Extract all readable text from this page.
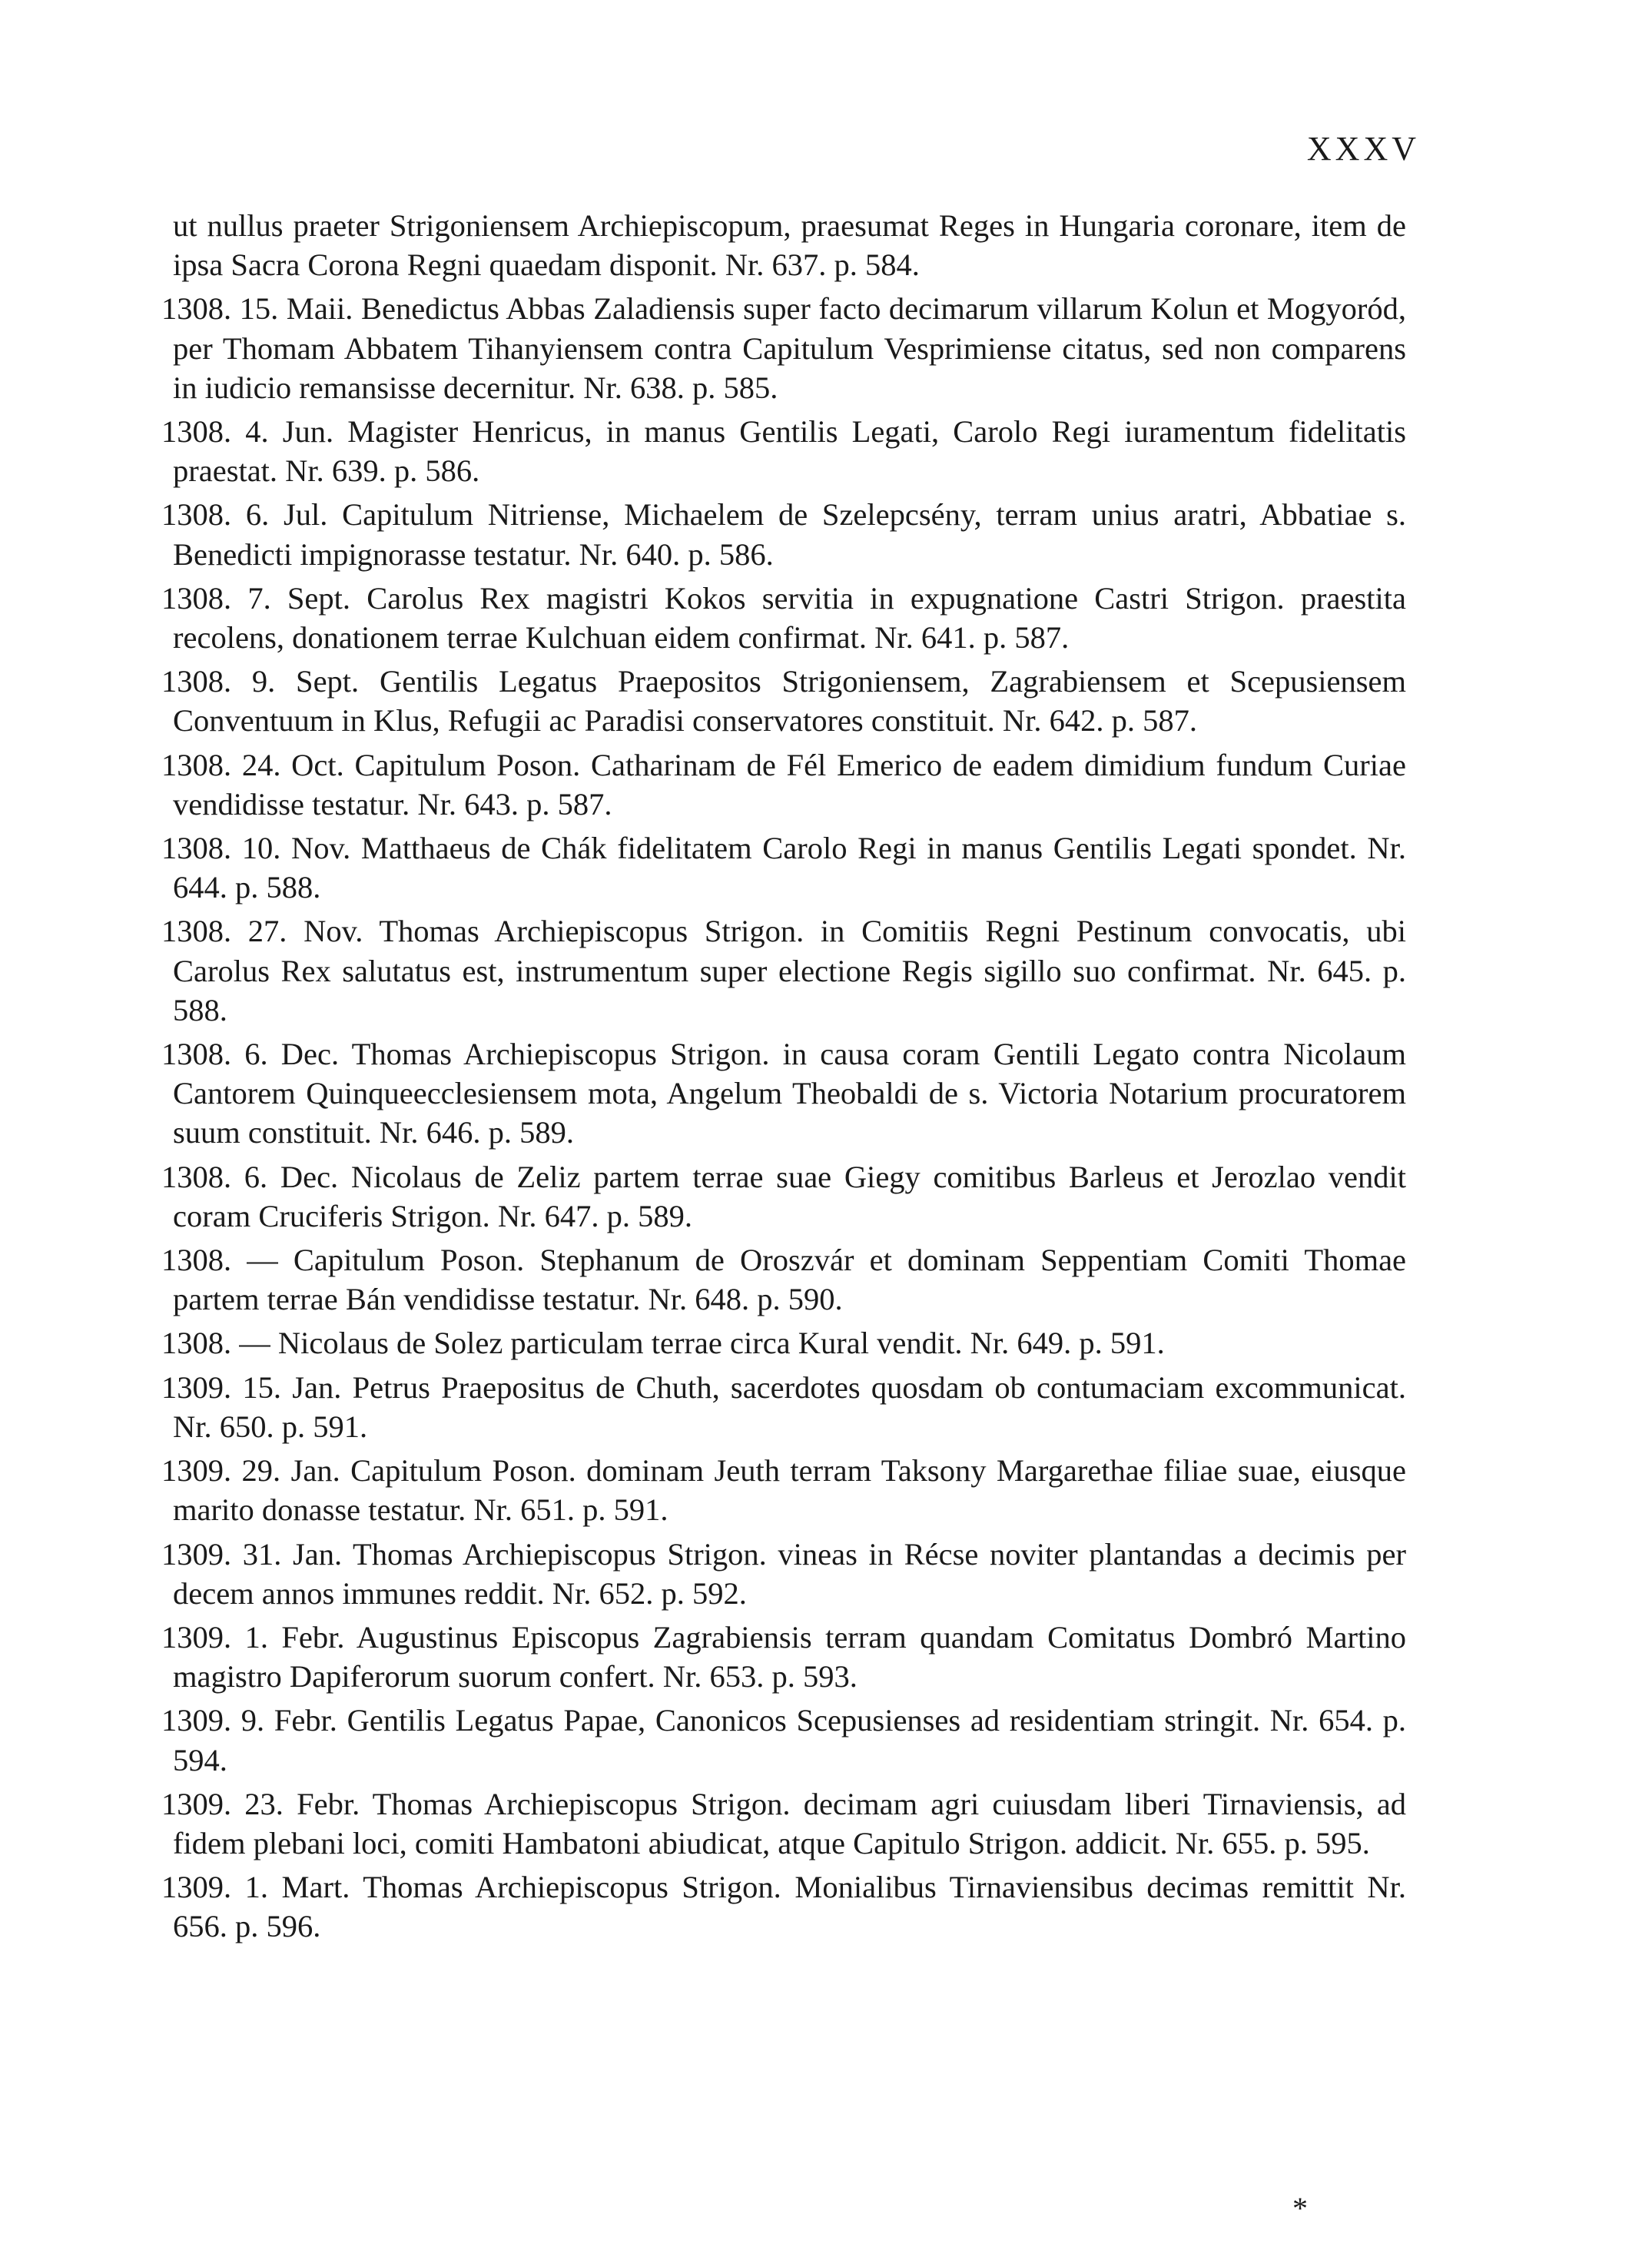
XXXV

ut nullus praeter Strigoniensem Archiepiscopum, praesumat Reges in Hungaria coronare, item de ipsa Sacra Corona Regni quaedam disponit. Nr. 637. p. 584.

1308. 15. Maii. Benedictus Abbas Zaladiensis super facto decimarum villarum Kolun et Mogyoród, per Thomam Abbatem Tihanyiensem contra Capitulum Vesprimiense citatus, sed non comparens in iudicio remansisse decernitur. Nr. 638. p. 585.

1308. 4. Jun. Magister Henricus, in manus Gentilis Legati, Carolo Regi iuramentum fidelitatis praestat. Nr. 639. p. 586.

1308. 6. Jul. Capitulum Nitriense, Michaelem de Szelepcsény, terram unius aratri, Abbatiae s. Benedicti impignorasse testatur. Nr. 640. p. 586.

1308. 7. Sept. Carolus Rex magistri Kokos servitia in expugnatione Castri Strigon. praestita recolens, donationem terrae Kulchuan eidem confirmat. Nr. 641. p. 587.

1308. 9. Sept. Gentilis Legatus Praepositos Strigoniensem, Zagrabiensem et Scepusiensem Conventuum in Klus, Refugii ac Paradisi conservatores constituit. Nr. 642. p. 587.

1308. 24. Oct. Capitulum Poson. Catharinam de Fél Emerico de eadem dimidium fundum Curiae vendidisse testatur. Nr. 643. p. 587.

1308. 10. Nov. Matthaeus de Chák fidelitatem Carolo Regi in manus Gentilis Legati spondet. Nr. 644. p. 588.

1308. 27. Nov. Thomas Archiepiscopus Strigon. in Comitiis Regni Pestinum convocatis, ubi Carolus Rex salutatus est, instrumentum super electione Regis sigillo suo confirmat. Nr. 645. p. 588.

1308. 6. Dec. Thomas Archiepiscopus Strigon. in causa coram Gentili Legato contra Nicolaum Cantorem Quinqueecclesiensem mota, Angelum Theobaldi de s. Victoria Notarium procuratorem suum constituit. Nr. 646. p. 589.

1308. 6. Dec. Nicolaus de Zeliz partem terrae suae Giegy comitibus Barleus et Jerozlao vendit coram Cruciferis Strigon. Nr. 647. p. 589.

1308. — Capitulum Poson. Stephanum de Oroszvár et dominam Seppentiam Comiti Thomae partem terrae Bán vendidisse testatur. Nr. 648. p. 590.

1308. — Nicolaus de Solez particulam terrae circa Kural vendit. Nr. 649. p. 591.

1309. 15. Jan. Petrus Praepositus de Chuth, sacerdotes quosdam ob contumaciam excommunicat. Nr. 650. p. 591.

1309. 29. Jan. Capitulum Poson. dominam Jeuth terram Taksony Margarethae filiae suae, eiusque marito donasse testatur. Nr. 651. p. 591.

1309. 31. Jan. Thomas Archiepiscopus Strigon. vineas in Récse noviter plantandas a decimis per decem annos immunes reddit. Nr. 652. p. 592.

1309. 1. Febr. Augustinus Episcopus Zagrabiensis terram quandam Comitatus Dombró Martino magistro Dapiferorum suorum confert. Nr. 653. p. 593.

1309. 9. Febr. Gentilis Legatus Papae, Canonicos Scepusienses ad residentiam stringit. Nr. 654. p. 594.

1309. 23. Febr. Thomas Archiepiscopus Strigon. decimam agri cuiusdam liberi Tirnaviensis, ad fidem plebani loci, comiti Hambatoni abiudicat, atque Capitulo Strigon. addicit. Nr. 655. p. 595.

1309. 1. Mart. Thomas Archiepiscopus Strigon. Monialibus Tirnaviensibus decimas remittit Nr. 656. p. 596.

*
